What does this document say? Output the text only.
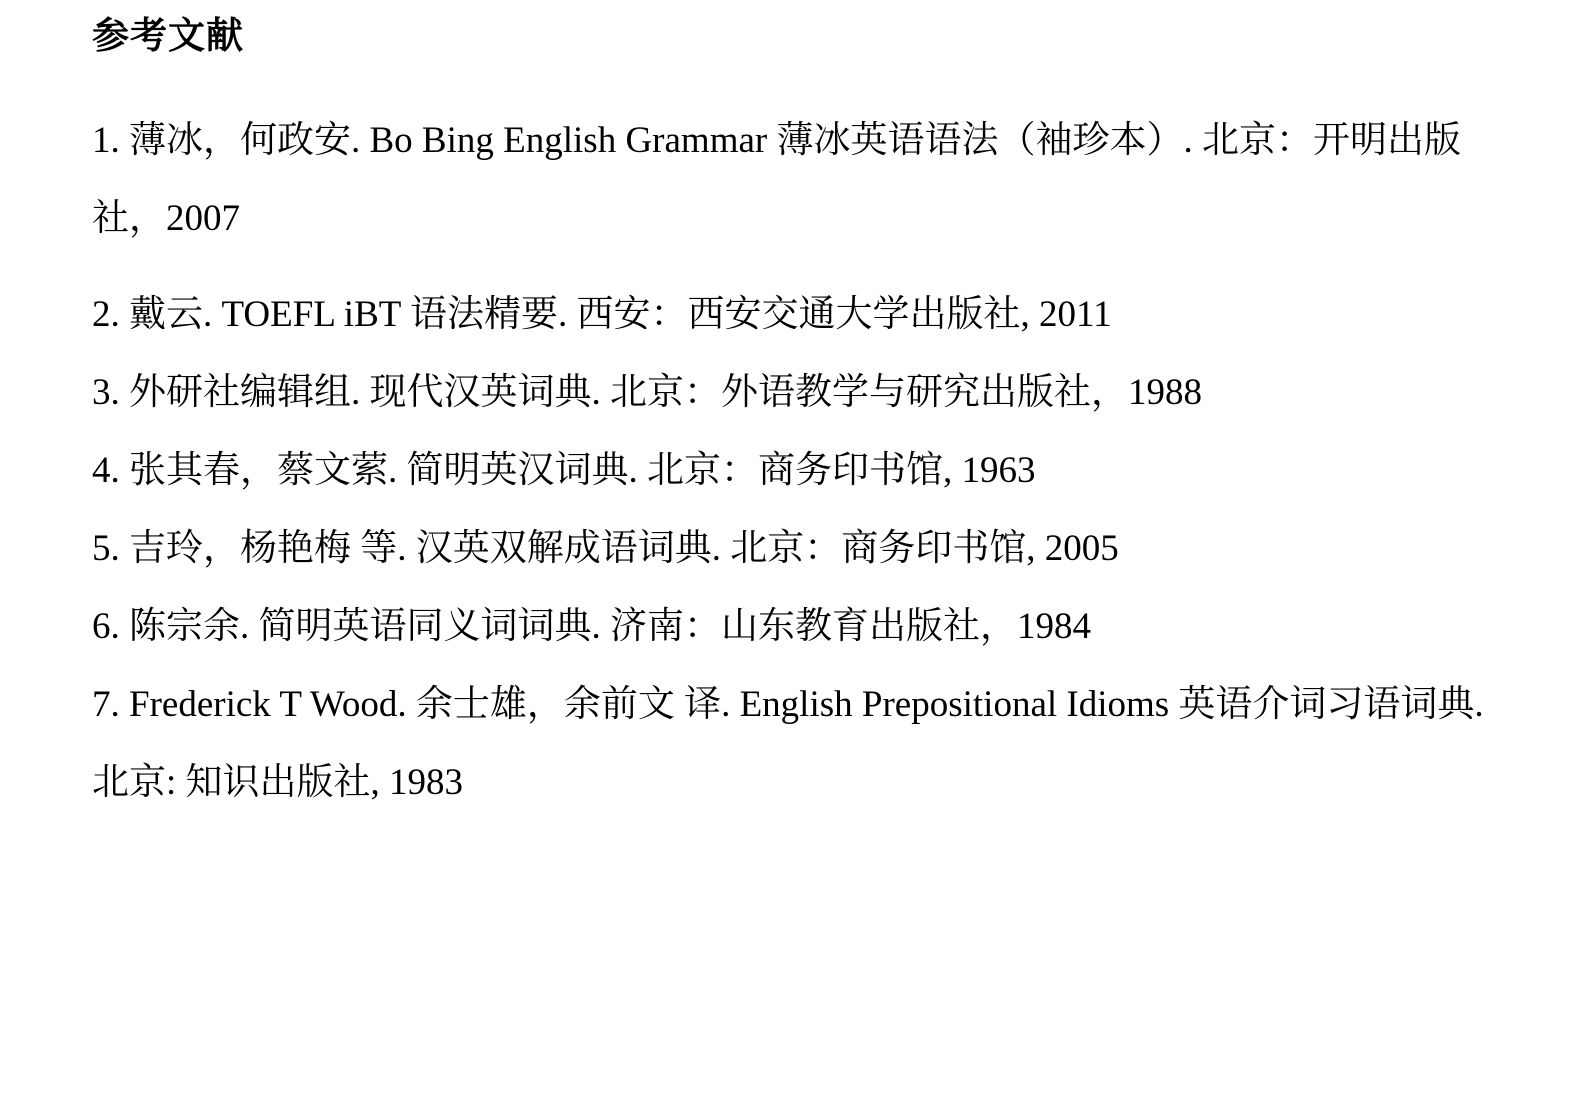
参考文献
1. 薄冰，何政安. Bo Bing English Grammar 薄冰英语语法（袖珍本）. 北京：开明出版社，2007
2. 戴云. TOEFL iBT 语法精要. 西安：西安交通大学出版社, 2011
3. 外研社编辑组. 现代汉英词典. 北京：外语教学与研究出版社，1988
4. 张其春，蔡文萦. 简明英汉词典. 北京：商务印书馆, 1963
5. 吉玲，杨艳梅 等. 汉英双解成语词典. 北京：商务印书馆, 2005
6. 陈宗余. 简明英语同义词词典. 济南：山东教育出版社，1984
7. Frederick T Wood. 余士雄，余前文 译. English Prepositional Idioms 英语介词习语词典. 北京: 知识出版社, 1983
